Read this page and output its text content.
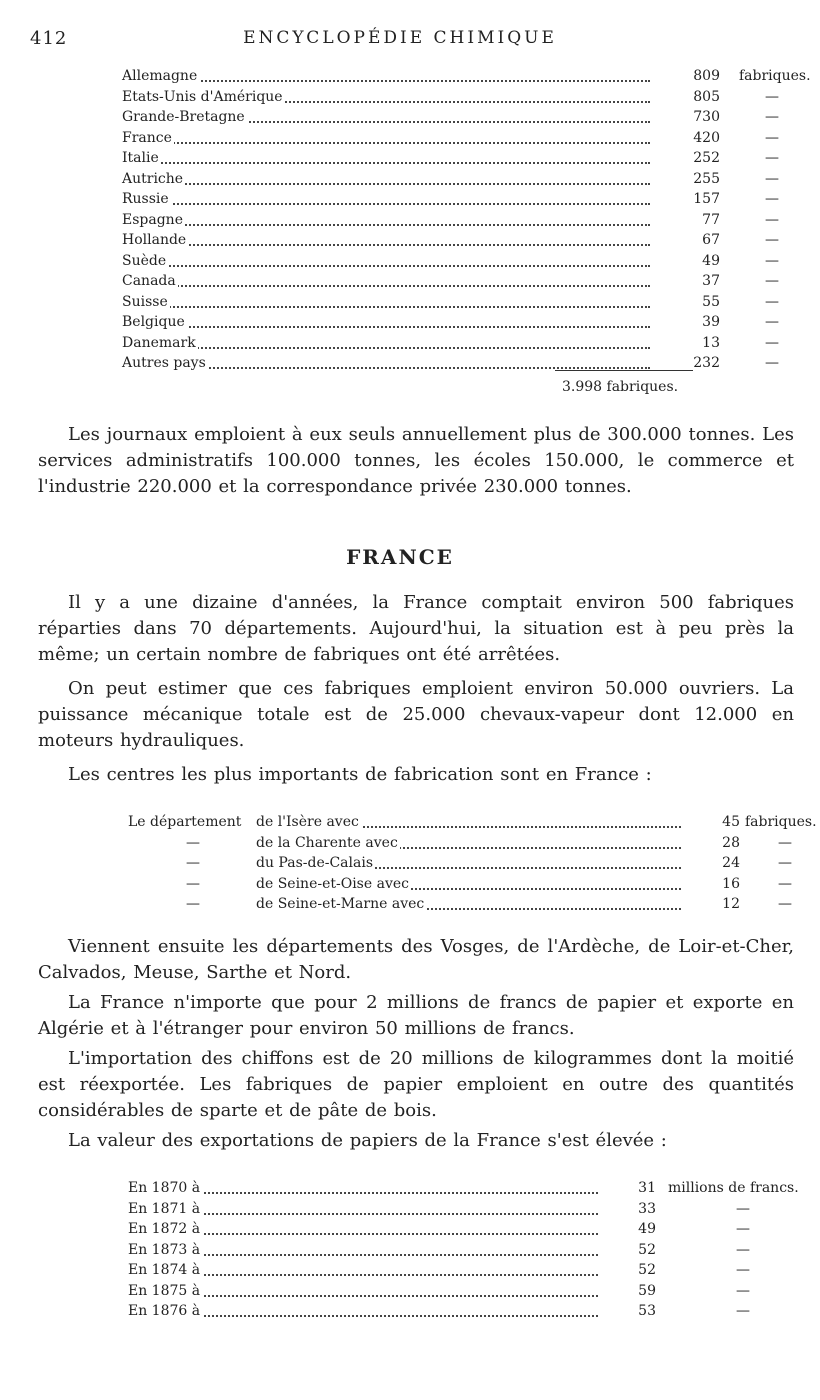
412	ENCYCLOPÉDIE CHIMIQUE
Allemagne	809 fabriques.
Etats-Unis d'Amérique	805	—
Grande-Bretagne	730	—
France	420	—
Italie	252	—
Autriche	255	—
Russie	157	—
Espagne	77	—
Hollande	67	—
Suède	49	—
Canada	37	—
Suisse	55	—
Belgique	39	—
Danemark	13	—
Autres pays	232	—
3.998 fabriques.
Les journaux emploient à eux seuls annuellement plus de 300.000 tonnes. Les services administratifs 100.000 tonnes, les écoles 150.000, le commerce et l'industrie 220.000 et la correspondance privée 230.000 tonnes.
FRANCE
Il y a une dizaine d'années, la France comptait environ 500 fabriques réparties dans 70 départements. Aujourd'hui, la situation est à peu près la même; un certain nombre de fabriques ont été arrêtées.
On peut estimer que ces fabriques emploient environ 50.000 ouvriers. La puissance mécanique totale est de 25.000 chevaux-vapeur dont 12.000 en moteurs hydrauliques.
Les centres les plus importants de fabrication sont en France :
Le département	de l'Isère avec	45 fabriques.
—	de la Charente avec	28	—
—	du Pas-de-Calais	24	—
—	de Seine-et-Oise avec	16	—
—	de Seine-et-Marne avec	12	—
Viennent ensuite les départements des Vosges, de l'Ardèche, de Loir-et-Cher, Calvados, Meuse, Sarthe et Nord.
La France n'importe que pour 2 millions de francs de papier et exporte en Algérie et à l'étranger pour environ 50 millions de francs.
L'importation des chiffons est de 20 millions de kilogrammes dont la moitié est réexportée. Les fabriques de papier emploient en outre des quantités considérables de sparte et de pâte de bois.
La valeur des exportations de papiers de la France s'est élevée :
En 1870 à	31 millions de francs.
En 1871 à	33	—
En 1872 à	49	—
En 1873 à	52	—
En 1874 à	52	—
En 1875 à	59	—
En 1876 à	53	—
